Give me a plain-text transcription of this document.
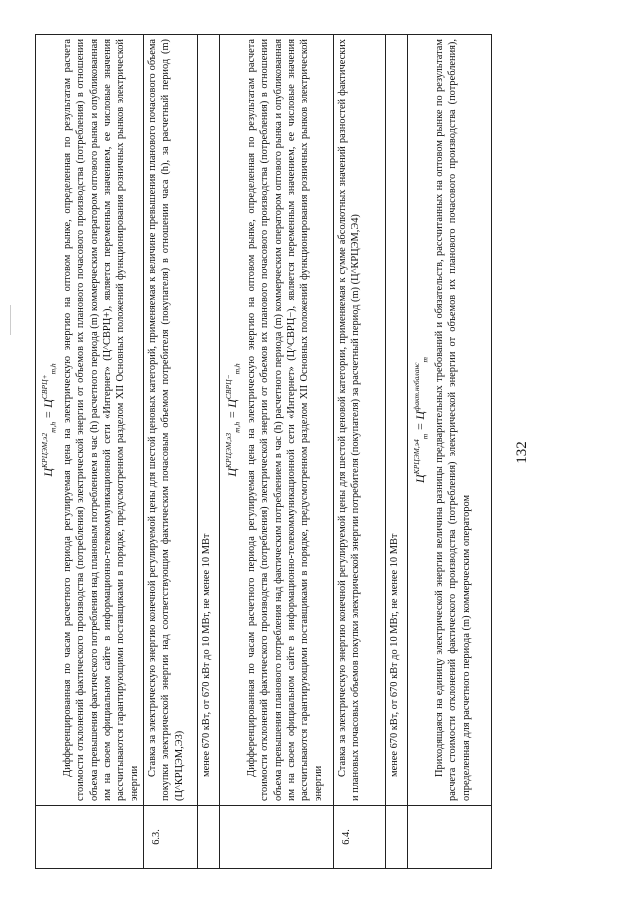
	$Ц^{КРЦЭМ,э2}_{m,h} = Ц^{СВРЦ+}_{m,h}$ Дифференцированная по часам расчетного периода регулируемая цена на электрическую энергию на оптовом рынке, определенная по результатам расчета стоимости отклонений фактического производства (потребления) электрической энергии от объемов их планового почасового производства (потребления) в отношении объема превышения фактического потребления над плановым потреблением в час (h) расчетного периода (m) коммерческим оператором оптового рынка и опубликованная им на своем официальном сайте в информационно-телекоммуникационной сети «Интернет» (Ц^СВРЦ+), является переменным значением, ее числовые значения рассчитываются гарантирующими поставщиками в порядке, предусмотренном разделом XII Основных положений функционирования розничных рынков электрической энергии

6.3.	Ставка за электрическую энергию конечной регулируемой цены для шестой ценовых категорий, применяемая к величине превышения планового почасового объема покупки электрической энергии над соответствующим фактическим почасовым объемом потребителя (покупателя) в отношении часа (h), за расчетный период (m) (Ц^КРЦЭМ,Э3)

	менее 670 кВт, от 670 кВт до 10 МВт, не менее 10 МВт

	$Ц^{КРЦЭМ,э3}_{m,h} = Ц^{СВРЦ-}_{m,h}$ Дифференцированная по часам расчетного периода регулируемая цена на электрическую энергию на оптовом рынке, определенная по результатам расчета стоимости отклонений фактического производства (потребления) электрической энергии от объемов их планового почасового производства (потребления) в отношении объема превышения планового потребления над фактическим потреблением в час (h) расчетного периода (m) коммерческим оператором оптового рынка и опубликованная им на своем официальном сайте в информационно-телекоммуникационной сети «Интернет» (Ц^СВРЦ−), является переменным значением, ее числовые значения рассчитываются гарантирующими поставщиками в порядке, предусмотренном разделом XII Основных положений функционирования розничных рынков электрической энергии

6.4.	Ставка за электрическую энергию конечной регулируемой цены для шестой ценовой категории, применяемая к сумме абсолютных значений разностей фактических и плановых почасовых объемов покупки электрической энергии потребителя (покупателя) за расчетный период (m) (Ц^КРЦЭМ,Э4)

	менее 670 кВт, от 670 кВт до 10 МВт, не менее 10 МВт

	$Ц^{КРЦЭМ,э4}_m = Ц^{факт.небаланс}_m$ Приходящаяся на единицу электрической энергии величина разницы предварительных требований и обязательств, рассчитанных на оптовом рынке по результатам расчета стоимости отклонений фактического производства (потребления) электрической энергии от объемов их планового почасового производства (потребления), определенная для расчетного периода (m) коммерческим оператором

132
